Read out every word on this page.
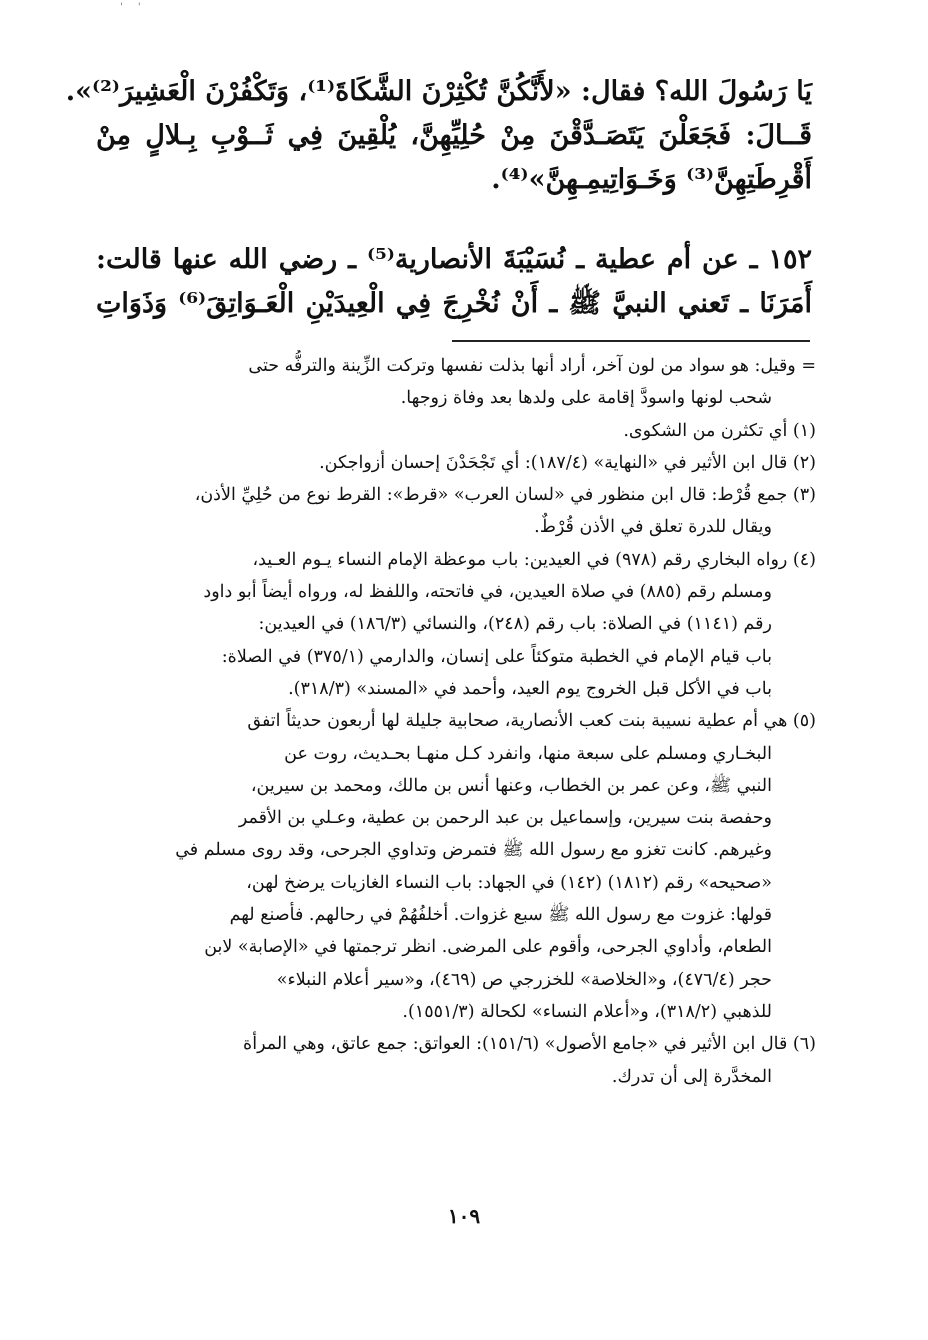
' '
يَا رَسُولَ الله؟ فقال: «لأَنَّكُنَّ تُكْثِرْنَ الشَّكَاةَ⁽¹⁾، وَتَكْفُرْنَ الْعَشِيرَ⁽²⁾».
قَــالَ: فَجَعَلْنَ يَتَصَـدَّقْنَ مِنْ حُلِيِّهِنَّ، يُلْقِينَ فِي ثَــوْبِ بِـلالٍ مِنْ
أَقْرِطَتِهِنَّ⁽³⁾ وَخَـوَاتِيمِـهِنَّ»⁽⁴⁾.
١٥٢ ـ عن أم عطية ـ نُسَيْبَةَ الأنصارية⁽⁵⁾ ـ رضي الله عنها قالت:
أَمَرَنَا ـ تَعني النبيَّ ﷺ ـ أَنْ نُخْرِجَ فِي الْعِيدَيْنِ الْعَـوَاتِقَ⁽⁶⁾ وَذَوَاتِ
= وقيل: هو سواد من لون آخر، أراد أنها بذلت نفسها وتركت الزِّينة والترفُّه حتى
شحب لونها واسودَّ إقامة على ولدها بعد وفاة زوجها.
(١) أي تكثرن من الشكوى.
(٢) قال ابن الأثير في «النهاية» (١٨٧/٤): أي تَجْحَدْنَ إحسان أزواجكن.
(٣) جمع قُرْط: قال ابن منظور في «لسان العرب» «قرط»: القرط نوع من حُلِيِّ الأذن،
ويقال للدرة تعلق في الأذن قُرْطٌ.
(٤) رواه البخاري رقم (٩٧٨) في العيدين: باب موعظة الإمام النساء يـوم العـيد،
ومسلم رقم (٨٨٥) في صلاة العيدين، في فاتحته، واللفظ له، ورواه أيضاً أبو داود
رقم (١١٤١) في الصلاة: باب رقم (٢٤٨)، والنسائي (١٨٦/٣) في العيدين:
باب قيام الإمام في الخطبة متوكئاً على إنسان، والدارمي (٣٧٥/١) في الصلاة:
باب في الأكل قبل الخروج يوم العيد، وأحمد في «المسند» (٣١٨/٣).
(٥) هي أم عطية نسيبة بنت كعب الأنصارية، صحابية جليلة لها أربعون حديثاً اتفق
البخـاري ومسلم على سبعة منها، وانفرد كـل منهـا بحـديث، روت عن
النبي ﷺ، وعن عمر بن الخطاب، وعنها أنس بن مالك، ومحمد بن سيرين،
وحفصة بنت سيرين، وإسماعيل بن عبد الرحمن بن عطية، وعـلي بن الأقمر
وغيرهم. كانت تغزو مع رسول الله ﷺ فتمرض وتداوي الجرحى، وقد روى مسلم في
«صحيحه» رقم (١٨١٢) (١٤٢) في الجهاد: باب النساء الغازيات يرضخ لهن،
قولها: غزوت مع رسول الله ﷺ سبع غزوات. أخلفُهُمْ في رحالهم. فأصنع لهم
الطعام، وأداوي الجرحى، وأقوم على المرضى. انظر ترجمتها في «الإصابة» لابن
حجر (٤٧٦/٤)، و«الخلاصة» للخزرجي ص (٤٦٩)، و«سير أعلام النبلاء»
للذهبي (٣١٨/٢)، و«أعلام النساء» لكحالة (١٥٥١/٣).
(٦) قال ابن الأثير في «جامع الأصول» (١٥١/٦): العواتق: جمع عاتق، وهي المرأة
المخدَّرة إلى أن تدرك.
١٠٩
